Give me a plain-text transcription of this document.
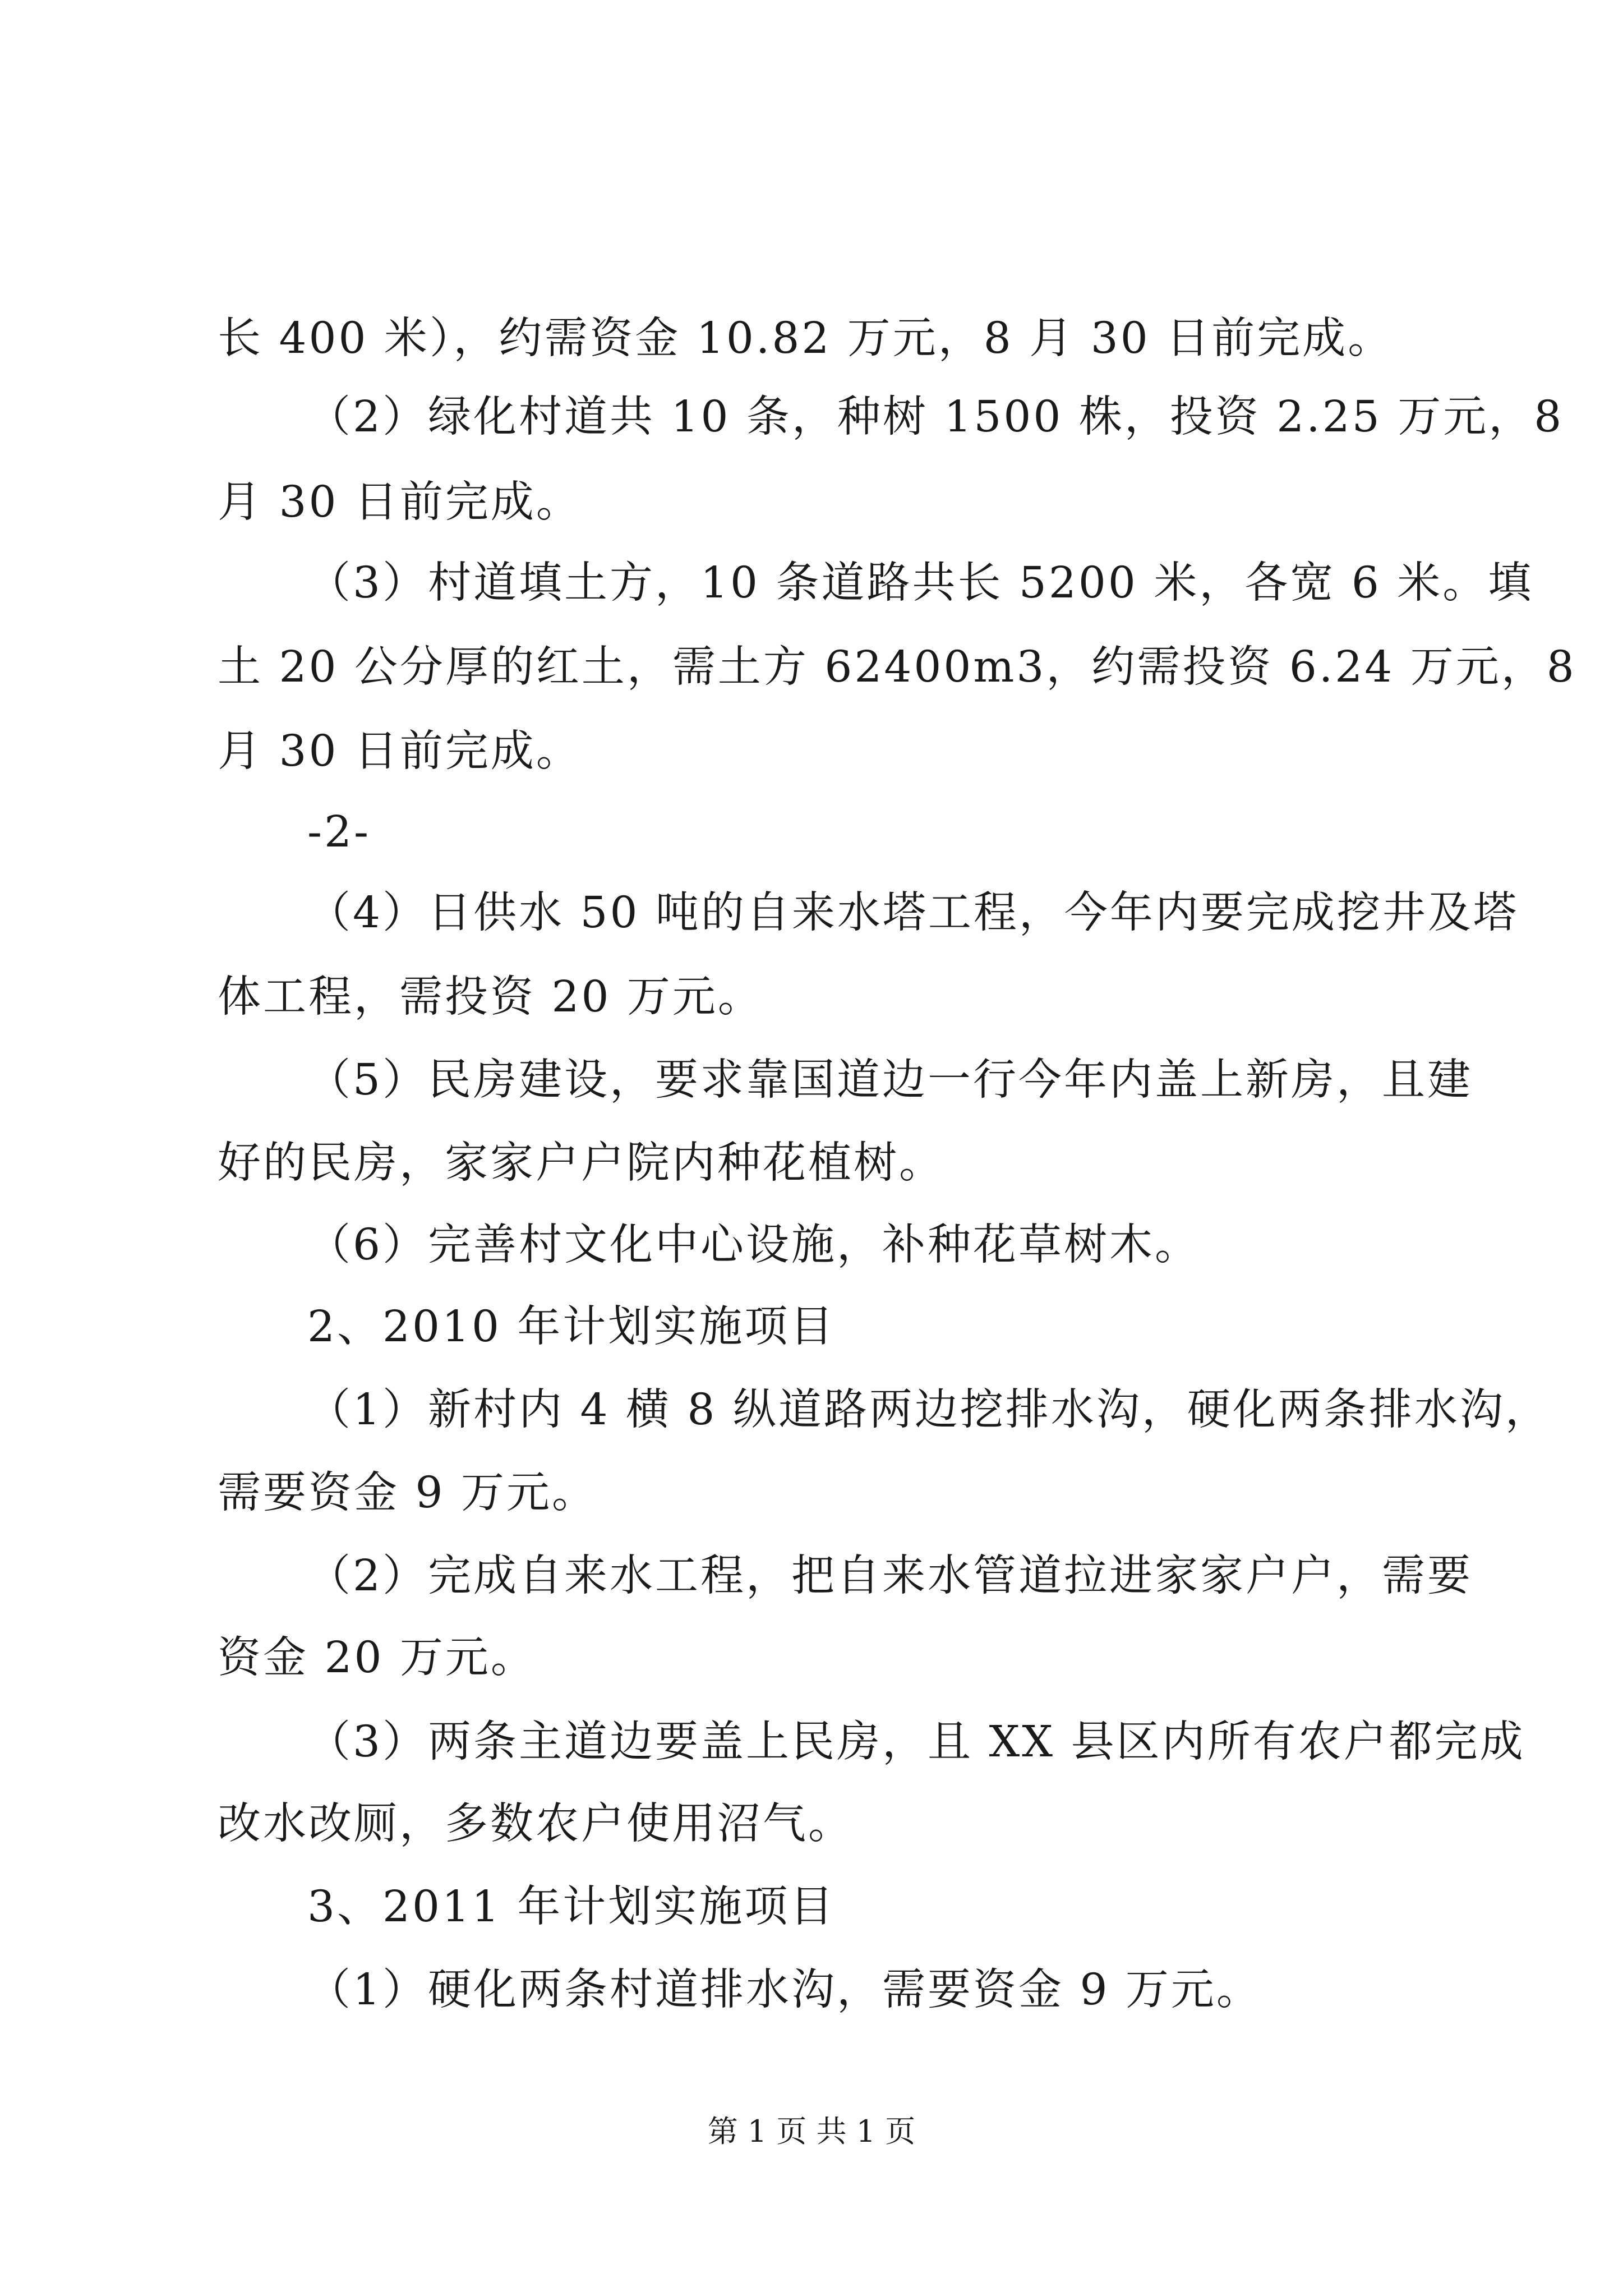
长 400 米），约需资金 10.82 万元，8 月 30 日前完成。

（2）绿化村道共 10 条，种树 1500 株，投资 2.25 万元，8

月 30 日前完成。

（3）村道填土方，10 条道路共长 5200 米，各宽 6 米。填

土 20 公分厚的红土，需土方 62400m3，约需投资 6.24 万元，8

月 30 日前完成。

-2-

（4）日供水 50 吨的自来水塔工程，今年内要完成挖井及塔

体工程，需投资 20 万元。

（5）民房建设，要求靠国道边一行今年内盖上新房，且建

好的民房，家家户户院内种花植树。

（6）完善村文化中心设施，补种花草树木。

2、2010 年计划实施项目

（1）新村内 4 横 8 纵道路两边挖排水沟，硬化两条排水沟，

需要资金 9 万元。

（2）完成自来水工程，把自来水管道拉进家家户户，需要

资金 20 万元。

（3）两条主道边要盖上民房，且 XX 县区内所有农户都完成

改水改厕，多数农户使用沼气。

3、2011 年计划实施项目

（1）硬化两条村道排水沟，需要资金 9 万元。

第 1 页 共 1 页
